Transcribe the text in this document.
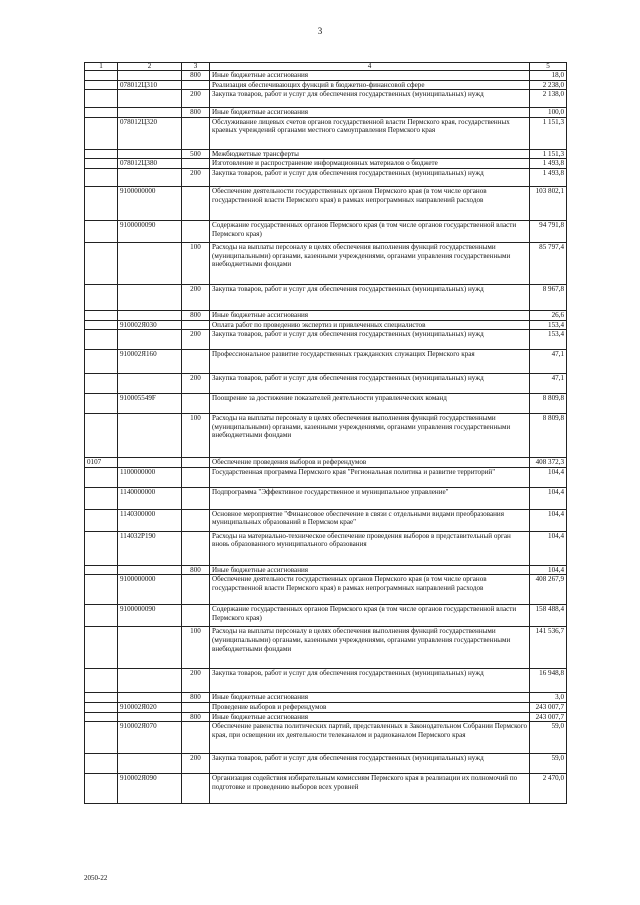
3
1	2	3	4	5
		800	Иные бюджетные ассигнования	18,0
	078012Ц310		Реализация обеспечивающих функций в бюджетно-финансовой сфере	2 238,0
		200	Закупка товаров, работ и услуг для обеспечения государственных (муниципальных) нужд	2 138,0
		800	Иные бюджетные ассигнования	100,0
	078012Ц320		Обслуживание лицевых счетов органов государственной власти Пермского края, государственных краевых учреждений органами местного самоуправления Пермского края	1 151,3
		500	Межбюджетные трансферты	1 151,3
	078012Ц380		Изготовление и распространение информационных материалов о бюджете	1 493,8
		200	Закупка товаров, работ и услуг для обеспечения государственных (муниципальных) нужд	1 493,8
	9100000000		Обеспечение деятельности государственных органов Пермского края (в том числе органов государственной власти Пермского края) в рамках непрограммных направлений расходов	103 802,1
	9100000090		Содержание государственных органов Пермского края (в том числе органов государственной власти Пермского края)	94 791,8
		100	Расходы на выплаты персоналу в целях обеспечения выполнения функций государственными (муниципальными) органами, казенными учреждениями, органами управления государственными внебюджетными фондами	85 797,4
		200	Закупка товаров, работ и услуг для обеспечения государственных (муниципальных) нужд	8 967,8
		800	Иные бюджетные ассигнования	26,6
	910002Я030		Оплата работ по проведению экспертиз и привлеченных специалистов	153,4
		200	Закупка товаров, работ и услуг для обеспечения государственных (муниципальных) нужд	153,4
	910002Я160		Профессиональное развитие государственных гражданских служащих Пермского края	47,1
		200	Закупка товаров, работ и услуг для обеспечения государственных (муниципальных) нужд	47,1
	910005549F		Поощрение за достижение показателей деятельности управленческих команд	8 809,8
		100	Расходы на выплаты персоналу в целях обеспечения выполнения функций государственными (муниципальными) органами, казенными учреждениями, органами управления государственными внебюджетными фондами	8 809,8
0107			Обеспечение проведения выборов и референдумов	408 372,3
	1100000000		Государственная программа Пермского края "Региональная политика и развитие территорий"	104,4
	1140000000		Подпрограмма "Эффективное государственное и муниципальное управление"	104,4
	1140300000		Основное мероприятие "Финансовое обеспечение в связи с отдельными видами преобразования муниципальных образований в Пермском крае"	104,4
	114032Р190		Расходы на материально-техническое обеспечение проведения выборов в представительный орган вновь образованного муниципального образования	104,4
		800	Иные бюджетные ассигнования	104,4
	9100000000		Обеспечение деятельности государственных органов Пермского края (в том числе органов государственной власти Пермского края) в рамках непрограммных направлений расходов	408 267,9
	9100000090		Содержание государственных органов Пермского края (в том числе органов государственной власти Пермского края)	158 488,4
		100	Расходы на выплаты персоналу в целях обеспечения выполнения функций государственными (муниципальными) органами, казенными учреждениями, органами управления государственными внебюджетными фондами	141 536,7
		200	Закупка товаров, работ и услуг для обеспечения государственных (муниципальных) нужд	16 948,8
		800	Иные бюджетные ассигнования	3,0
	910002Я020		Проведение выборов и референдумов	243 007,7
		800	Иные бюджетные ассигнования	243 007,7
	910002Я070		Обеспечение равенства политических партий, представленных в Законодательном Собрании Пермского края, при освещении их деятельности телеканалом и радиоканалом Пермского края	59,0
		200	Закупка товаров, работ и услуг для обеспечения государственных (муниципальных) нужд	59,0
	910002Я090		Организация содействия избирательным комиссиям Пермского края в реализации их полномочий по подготовке и проведению выборов всех уровней	2 470,0
2050-22
